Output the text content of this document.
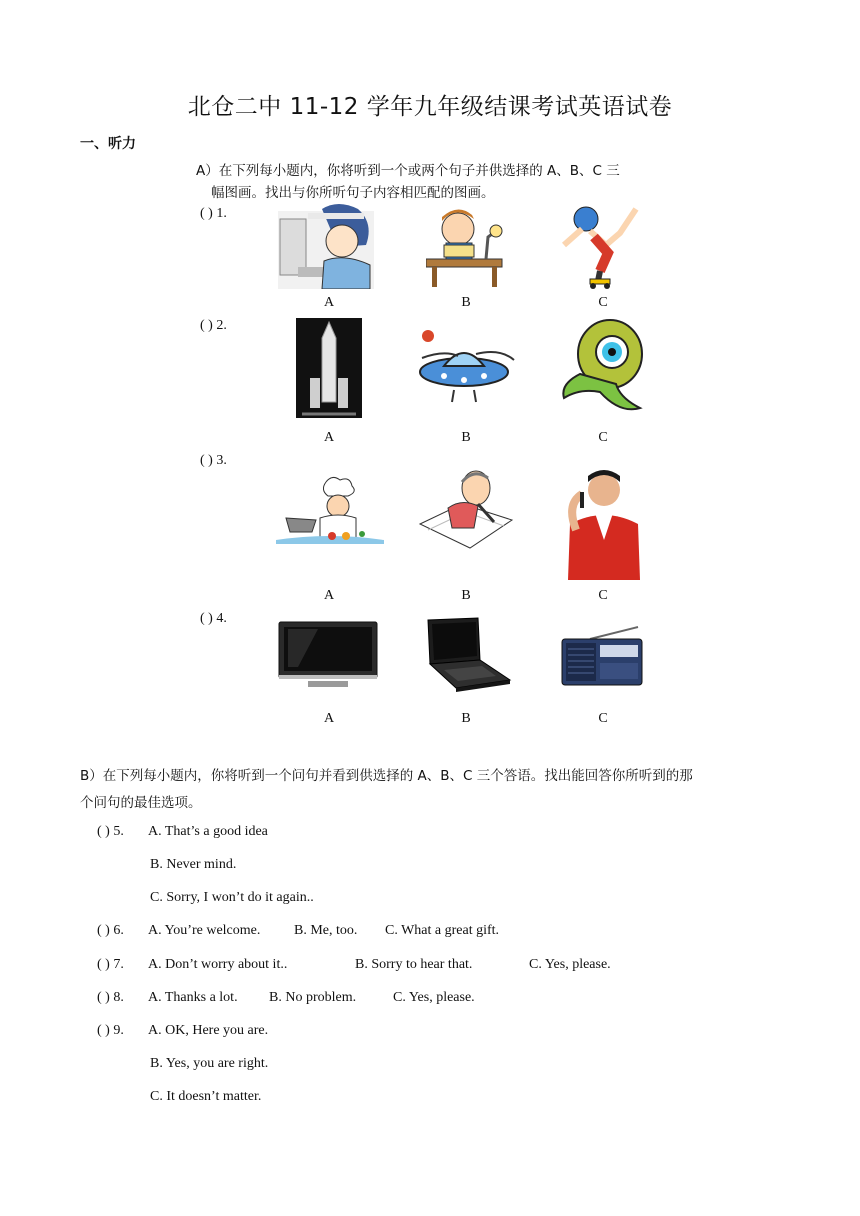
北仓二中 11-12 学年九年级结课考试英语试卷
一、听力
A）在下列每小题内，你将听到一个或两个句子并供选择的 A、B、C 三
幅图画。找出与你所听句子内容相匹配的图画。
( ) 1.
A	B	C
( ) 2.
A	B	C
( ) 3.
A	B	C
( ) 4.
A	B	C
B）在下列每小题内，你将听到一个问句并看到供选择的 A、B、C 三个答语。找出能回答你所听到的那
个问句的最佳选项。
( ) 5. A. That’s a good idea
B. Never mind.
C. Sorry, I won’t do it again..
( ) 6. A. You’re welcome. B. Me, too. C. What a great gift.
( ) 7. A. Don’t worry about it..	B. Sorry to hear that.	C. Yes, please.
( ) 8. A. Thanks a lot. B. No problem.	C. Yes, please.
( ) 9. A. OK, Here you are.
B. Yes, you are right.
C. It doesn’t matter.
